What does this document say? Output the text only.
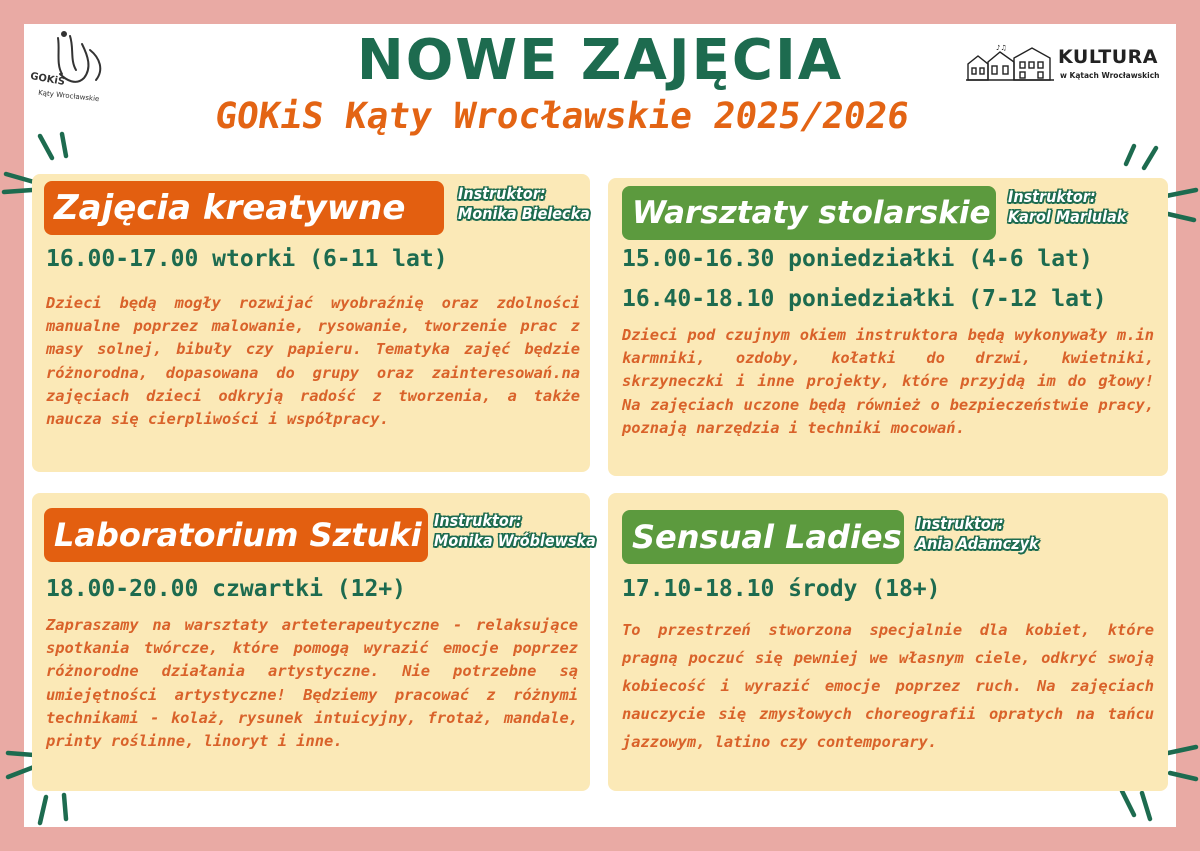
GOKiS
Kąty Wrocławskie
♪♫	KULTURA
w Kątach Wrocławskich
NOWE ZAJĘCIA
GOKiS Kąty Wrocławskie 2025/2026
Zajęcia kreatywne	Instruktor:
Monika Bielecka
16.00-17.00 wtorki (6-11 lat)
Dzieci będą mogły rozwijać wyobraźnię oraz zdolności manualne poprzez malowanie, rysowanie, tworzenie prac z masy solnej, bibuły czy papieru. Tematyka zajęć będzie różnorodna, dopasowana do grupy oraz zainteresowań.na zajęciach dzieci odkryją radość z tworzenia, a także naucza się cierpliwości i współpracy.
Warsztaty stolarskie	Instruktor:
Karol Marlulak
15.00-16.30 poniedziałki (4-6 lat)
16.40-18.10 poniedziałki (7-12 lat)
Dzieci pod czujnym okiem instruktora będą wykonywały m.in karmniki, ozdoby, kołatki do drzwi, kwietniki, skrzyneczki i inne projekty, które przyjdą im do głowy! Na zajęciach uczone będą również o bezpieczeństwie pracy, poznają narzędzia i techniki mocowań.
Laboratorium Sztuki Instruktor:
Monika Wróblewska
18.00-20.00 czwartki (12+)
Zapraszamy na warsztaty arteterapeutyczne - relaksujące spotkania twórcze, które pomogą wyrazić emocje poprzez różnorodne działania artystyczne. Nie potrzebne są umiejętności artystyczne! Będziemy pracować z różnymi technikami - kolaż, rysunek intuicyjny, frotaż, mandale, printy roślinne, linoryt i inne.
Sensual Ladies Instruktor:
Ania Adamczyk
17.10-18.10 środy (18+)
To przestrzeń stworzona specjalnie dla kobiet, które pragną poczuć się pewniej we własnym ciele, odkryć swoją kobiecość i wyrazić emocje poprzez ruch. Na zajęciach nauczycie się zmysłowych choreografii opratych na tańcu jazzowym, latino czy contemporary.
